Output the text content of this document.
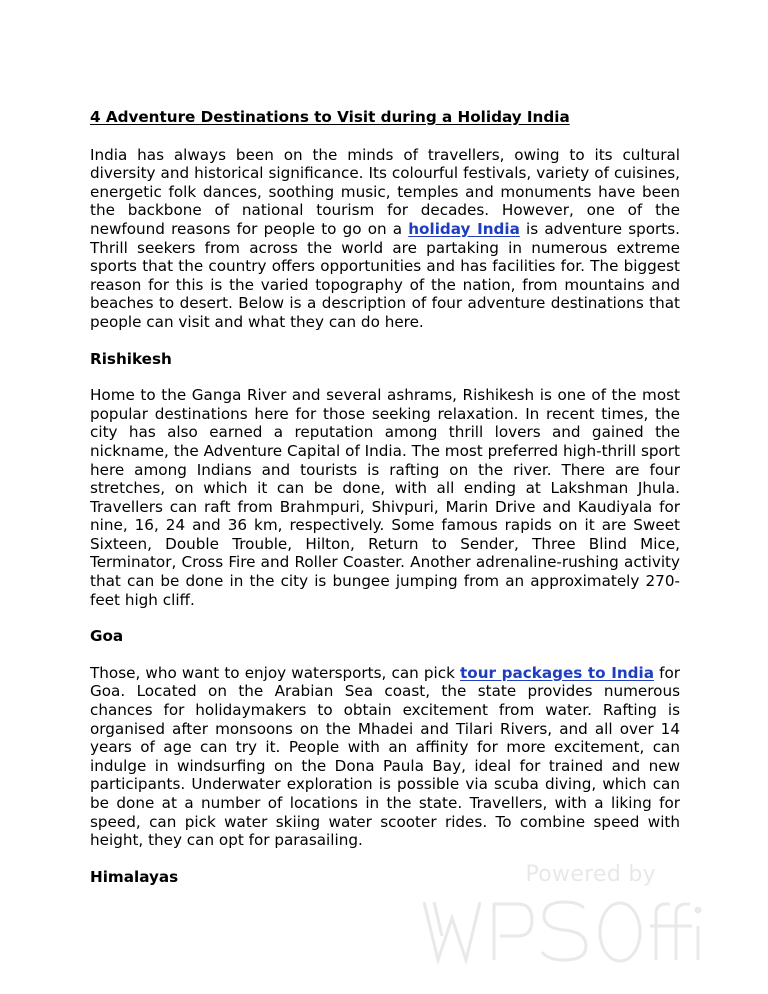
4 Adventure Destinations to Visit during a Holiday India

India has always been on the minds of travellers, owing to its cultural diversity and historical significance. Its colourful festivals, variety of cuisines, energetic folk dances, soothing music, temples and monuments have been the backbone of national tourism for decades. However, one of the newfound reasons for people to go on a holiday India is adventure sports. Thrill seekers from across the world are partaking in numerous extreme sports that the country offers opportunities and has facilities for. The biggest reason for this is the varied topography of the nation, from mountains and beaches to desert. Below is a description of four adventure destinations that people can visit and what they can do here.

Rishikesh

Home to the Ganga River and several ashrams, Rishikesh is one of the most popular destinations here for those seeking relaxation. In recent times, the city has also earned a reputation among thrill lovers and gained the nickname, the Adventure Capital of India. The most preferred high-thrill sport here among Indians and tourists is rafting on the river. There are four stretches, on which it can be done, with all ending at Lakshman Jhula. Travellers can raft from Brahmpuri, Shivpuri, Marin Drive and Kaudiyala for nine, 16, 24 and 36 km, respectively. Some famous rapids on it are Sweet Sixteen, Double Trouble, Hilton, Return to Sender, Three Blind Mice, Terminator, Cross Fire and Roller Coaster. Another adrenaline-rushing activity that can be done in the city is bungee jumping from an approximately 270-feet high cliff.

Goa

Those, who want to enjoy watersports, can pick tour packages to India for Goa. Located on the Arabian Sea coast, the state provides numerous chances for holidaymakers to obtain excitement from water. Rafting is organised after monsoons on the Mhadei and Tilari Rivers, and all over 14 years of age can try it. People with an affinity for more excitement, can indulge in windsurfing on the Dona Paula Bay, ideal for trained and new participants. Underwater exploration is possible via scuba diving, which can be done at a number of locations in the state. Travellers, with a liking for speed, can pick water skiing water scooter rides. To combine speed with height, they can opt for parasailing.

Himalayas	Powered by
